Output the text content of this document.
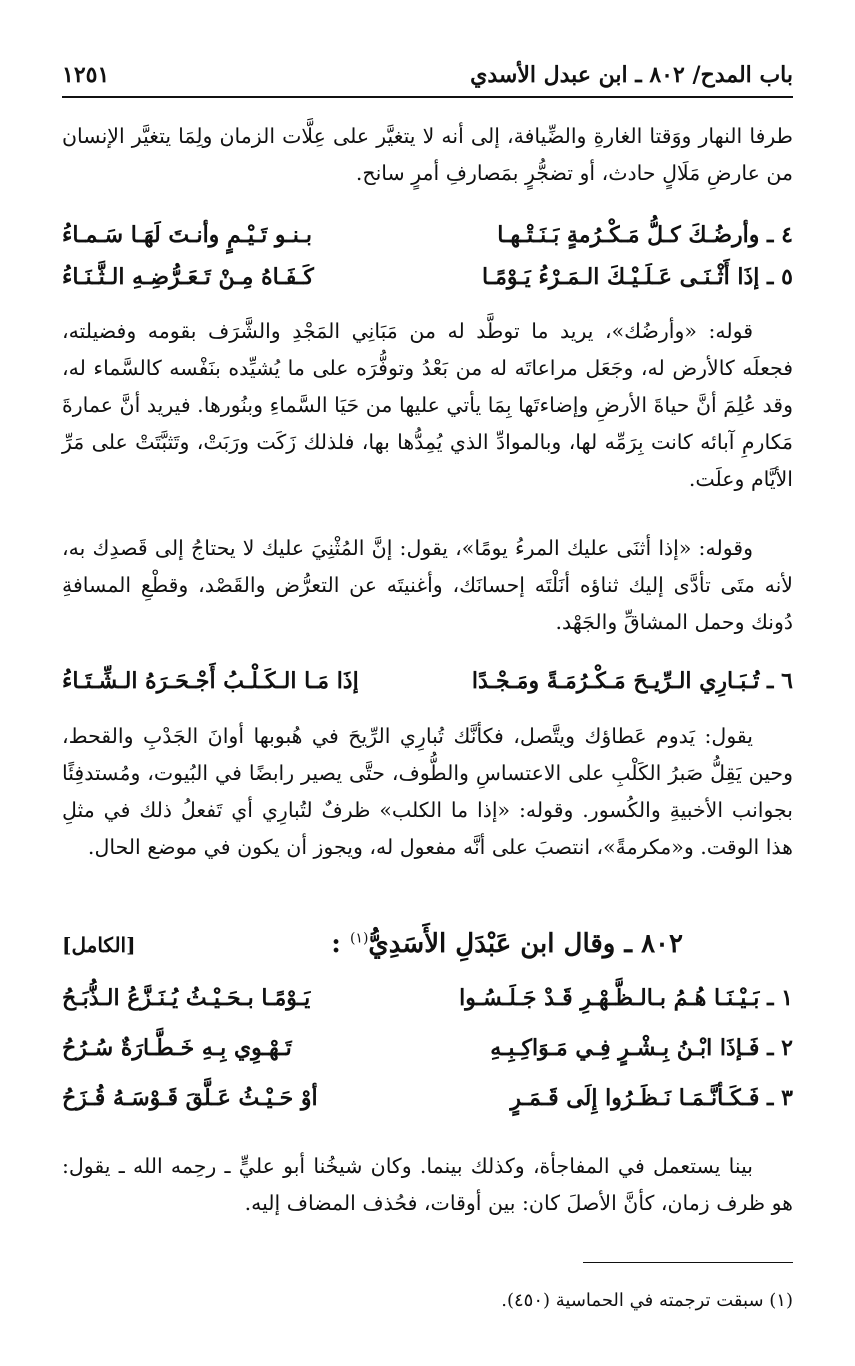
باب المدح/ ٨٠٢ ـ ابن عبدل الأسدي
١٢٥١

طرفا النهار ووَقتا الغارةِ والضِّيافة، إلى أنه لا يتغيَّر على عِلَّات الزمان ولِمَا يتغيَّر الإنسان من عارضِ مَلَالٍ حادث، أو تضجُّرٍ بمَصارفِ أمرٍ سانح.

٤ ـ وأرضُـكَ كـلُّ مَـكْـرُمةٍ بَـنَـتْـهـا
بـنـو تَـيْـمٍ وأنـتَ لَهَـا سَـمـاءُ
٥ ـ إذَا أَثْـنَـى عَـلَـيْـكَ الـمَـرْءُ يَـوْمًـا
كَـفَـاهُ مِـنْ تَـعَـرُّضِـهِ الـثَّـنَـاءُ

قوله: «وأرضُك»، يريد ما توطَّد له من مَبَانِي المَجْدِ والشَّرَف بقومه وفضيلته، فجعلَه كالأرض له، وجَعَل مراعاتَه له من بَعْدُ وتوفُّرَه على ما يُشيِّده بنَفْسه كالسَّماء له، وقد عُلِمَ أنَّ حياةَ الأرضِ وإضاءتَها بِمَا يأتي عليها من حَيَا السَّماءِ وبنُورها. فيريد أنَّ عمارةَ مَكارمِ آبائه كانت بِرَمِّه لها، وبالموادِّ الذي يُمِدُّها بها، فلذلك زَكَت ورَبَتْ، وتَثبَّتَتْ على مَرِّ الأيَّام وعلَت.

وقوله: «إذا أثنَى عليك المرءُ يومًا»، يقول: إنَّ المُثْنِيَ عليك لا يحتاجُ إلى قَصدِك به، لأنه متَى تأدَّى إليك ثناؤه أنَلْتَه إحسانَك، وأغنيتَه عن التعرُّض والقَصْد، وقطْعِ المسافةِ دُونك وحمل المشاقِّ والجَهْد.

٦ ـ تُـبَـارِي الـرِّيـحَ مَـكْـرُمَـةً ومَـجْـدًا
إذَا مَـا الـكَـلْـبُ أَجْـحَـرَهُ الـشِّـتَـاءُ

يقول: يَدوم عَطاؤك ويتَّصل، فكأنَّك تُبارِي الرِّيحَ في هُبوبها أوانَ الجَدْبِ والقحط، وحين يَقِلُّ صَبرُ الكَلْبِ على الاعتساسِ والطُّوف، حتَّى يصير رابضًا في البُيوت، ومُستدفِئًا بجوانب الأخبيةِ والكُسور. وقوله: «إذا ما الكلب» ظرفٌ لتُبارِي أي تَفعلُ ذلك في مثلِ هذا الوقت. و«مكرمةً»، انتصبَ على أنَّه مفعول له، ويجوز أن يكون في موضع الحال.

٨٠٢ ـ وقال ابن عَبْدَلِ الأَسَدِيُّ$^{(١)}$ :
[الكامل]
١ ـ بَـيْـنَـا هُـمُ بـالـظَّـهْـرِ قَـدْ جَـلَـسُـوا
يَـوْمًـا بـحَـيْـثُ يُـنَـزَّعُ الـذُّبَـحُ
٢ ـ فَـإذَا ابْـنُ بِـشْـرٍ فِـي مَـوَاكِـبِـهِ
تَـهْـوِي بِـهِ خَـطَّـارَةٌ سُـرُحُ
٣ ـ فَـكَـأنَّـمَـا نَـظَـرُوا إِلَى قَـمَـرٍ
أوْ حَـيْـثُ عَـلَّقَ قَـوْسَـهُ قُـزَحُ

بينا يستعمل في المفاجأة، وكذلك بينما. وكان شيخُنا أبو عليٍّ ـ رحِمه الله ـ يقول: هو ظرف زمان، كأنَّ الأصلَ كان: بين أوقات، فحُذف المضاف إليه.

(١) سبقت ترجمته في الحماسية (٤٥٠).
